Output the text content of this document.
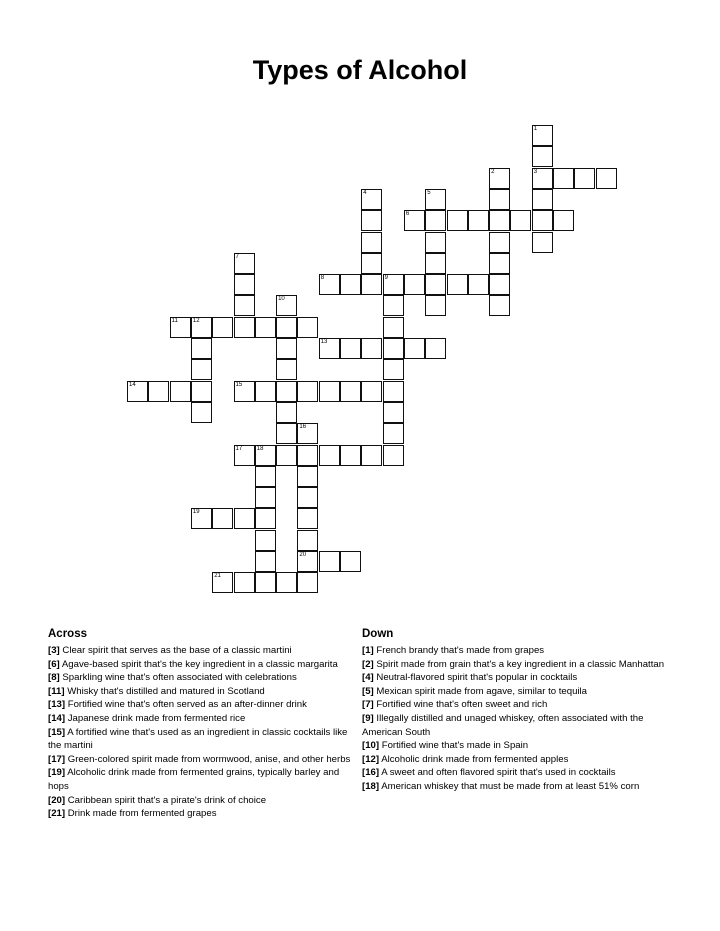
Types of Alcohol
1
3
2
4	5
6
7
8	9
10
11	12
13
14	15
16
20
17 18
19
21
Across
[3] Clear spirit that serves as the base of a classic martini
[6] Agave-based spirit that's the key ingredient in a classic margarita
[8] Sparkling wine that's often associated with celebrations
[11] Whisky that's distilled and matured in Scotland
[13] Fortified wine that's often served as an after-dinner drink
[14] Japanese drink made from fermented rice
[15] A fortified wine that's used as an ingredient in classic cocktails like the martini
[17] Green-colored spirit made from wormwood, anise, and other herbs
[19] Alcoholic drink made from fermented grains, typically barley and hops
[20] Caribbean spirit that's a pirate's drink of choice
[21] Drink made from fermented grapes
Down
[1] French brandy that's made from grapes
[2] Spirit made from grain that's a key ingredient in a classic Manhattan
[4] Neutral-flavored spirit that's popular in cocktails
[5] Mexican spirit made from agave, similar to tequila
[7] Fortified wine that's often sweet and rich
[9] Illegally distilled and unaged whiskey, often associated with the American South
[10] Fortified wine that's made in Spain
[12] Alcoholic drink made from fermented apples
[16] A sweet and often flavored spirit that's used in cocktails
[18] American whiskey that must be made from at least 51% corn
